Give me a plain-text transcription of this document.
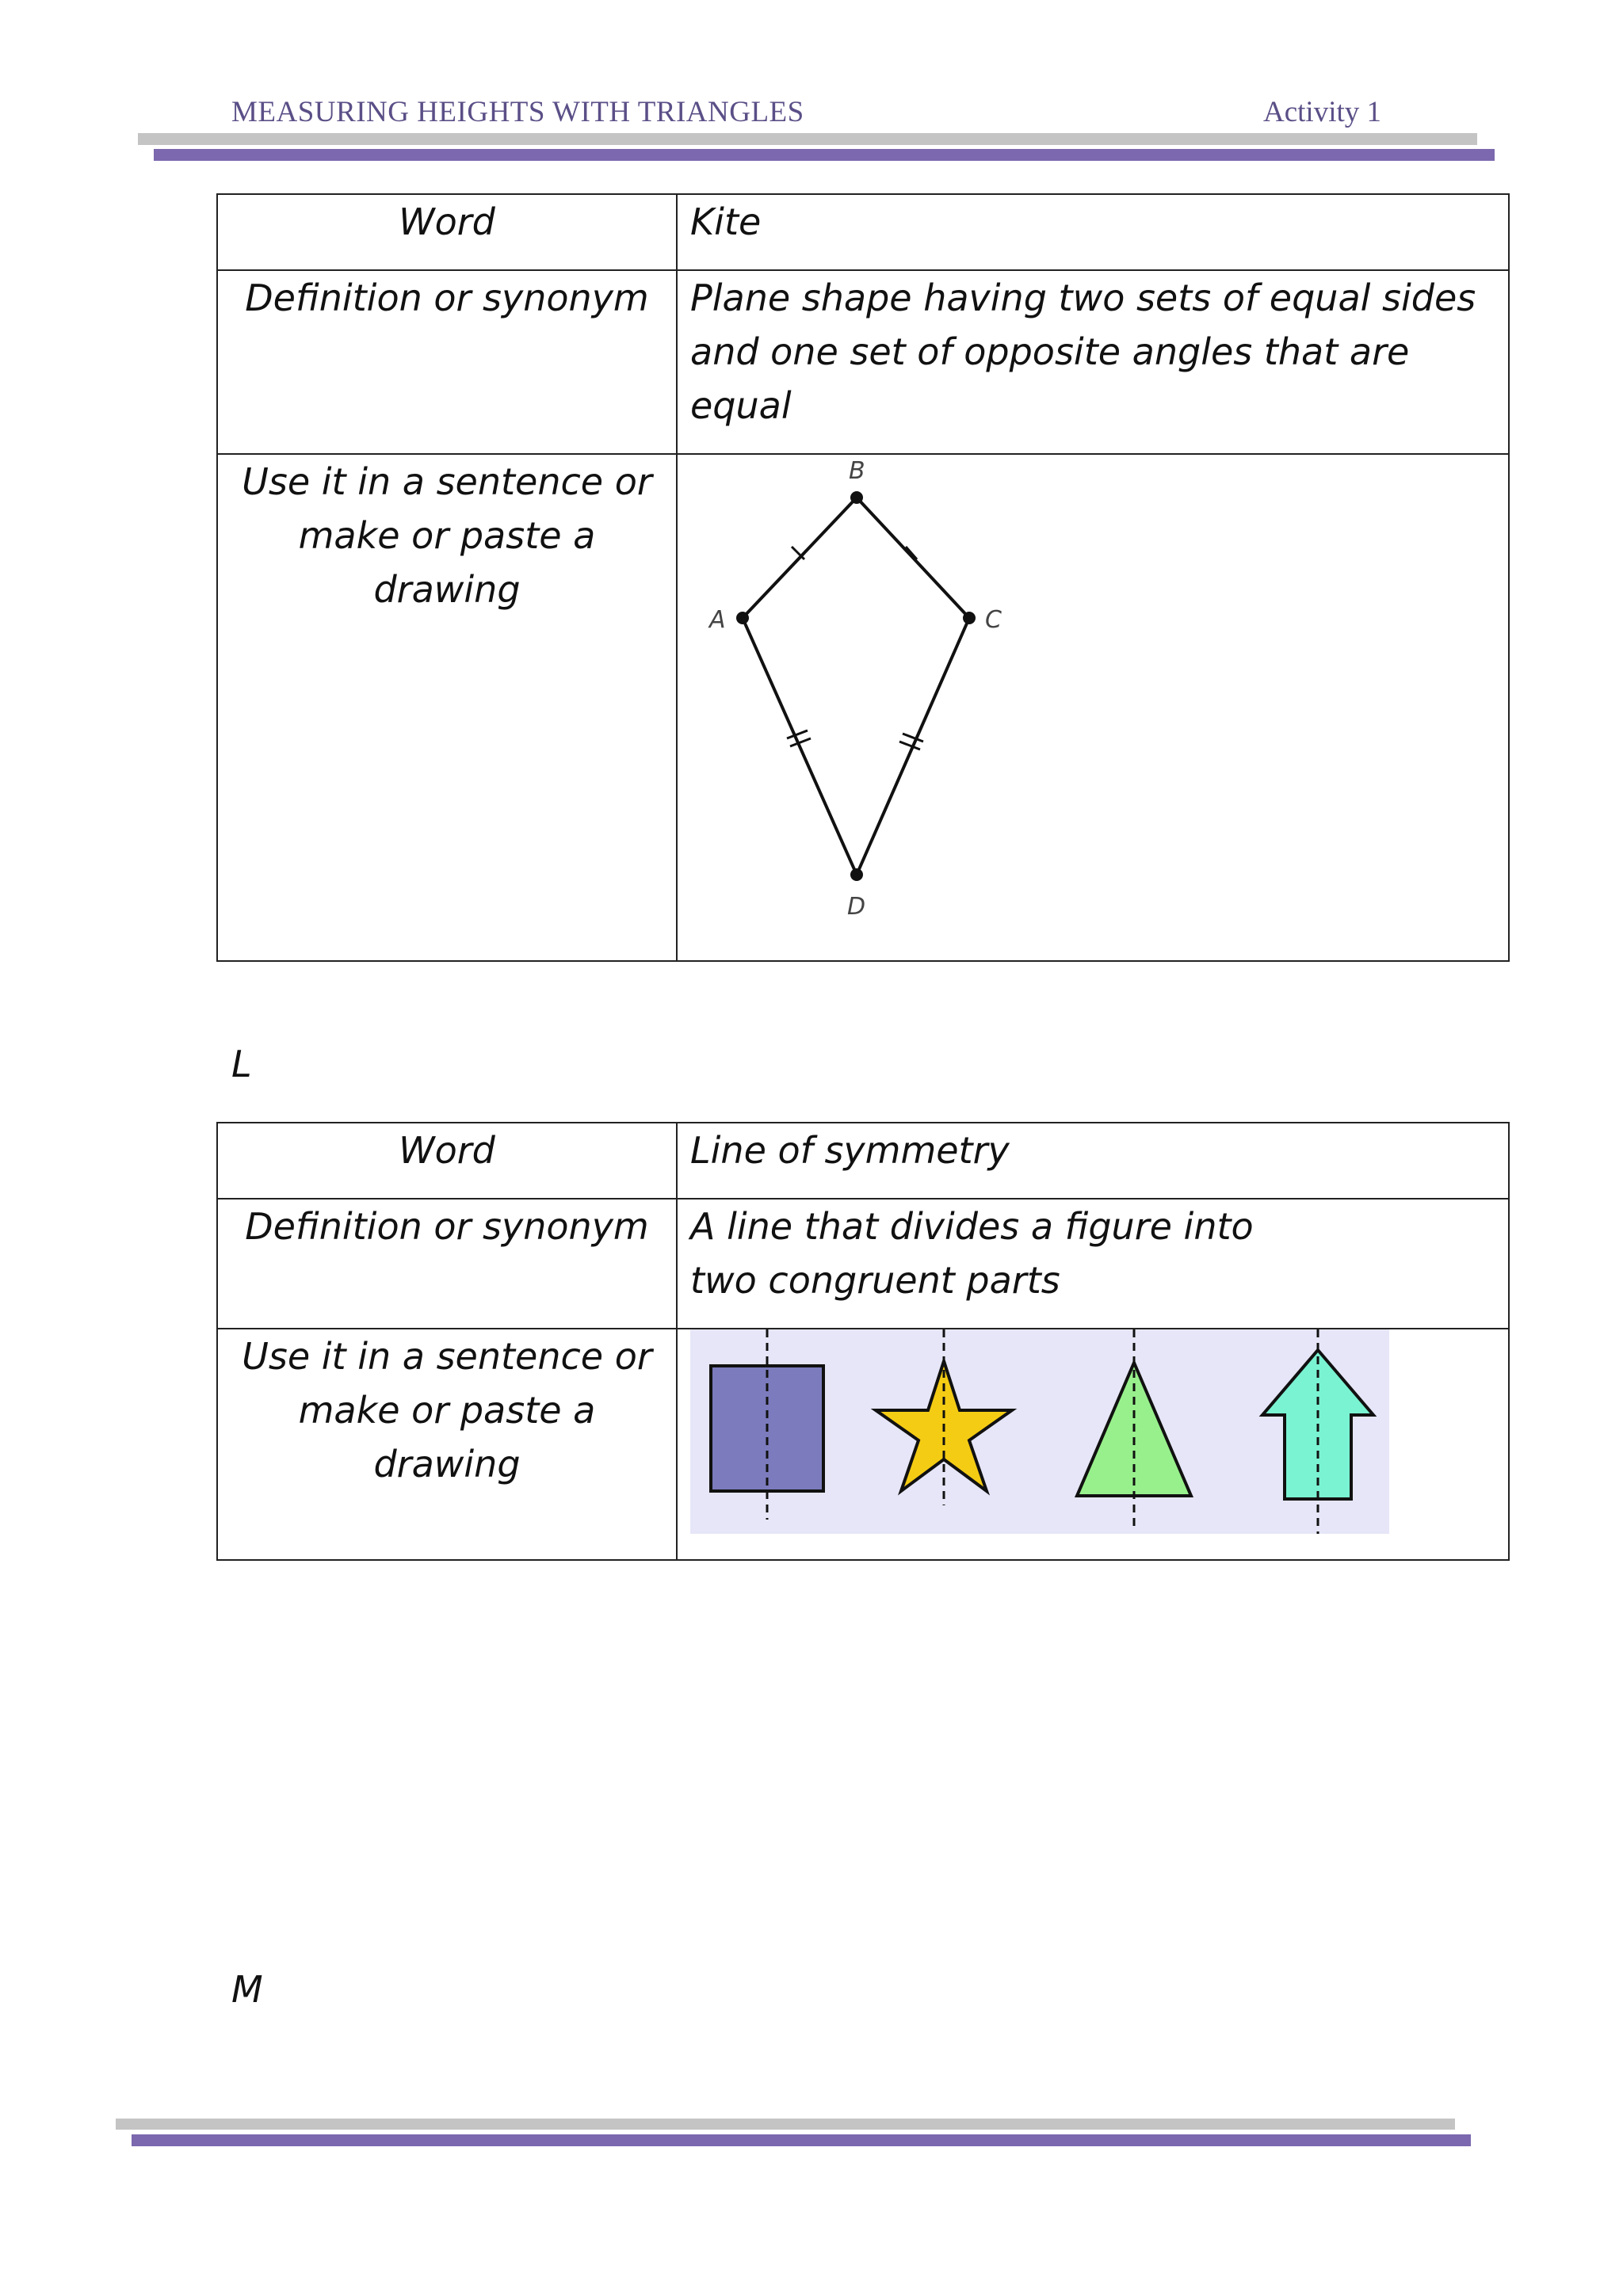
MEASURING HEIGHTS WITH TRIANGLES	Activity 1
Word	Kite
Definition or synonym	Plane shape having two sets of equal sides and one set of opposite angles that are equal
Use it in a sentence or make or paste a drawing	B
A C
D
L
Word	Line of symmetry
Definition or synonym	A line that divides a figure into two congruent parts
Use it in a sentence or make or paste a drawing	
M
